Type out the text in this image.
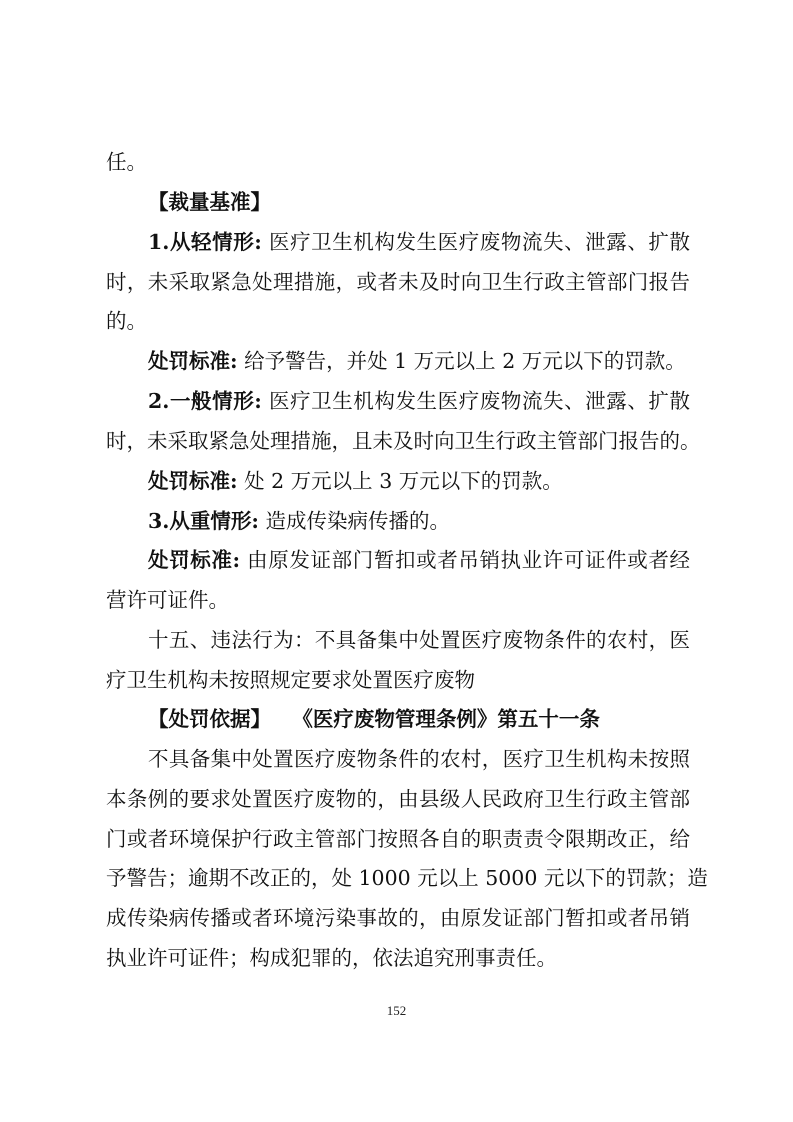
任。
【裁量基准】
1.从轻情形: 医疗卫生机构发生医疗废物流失、泄露、扩散
时，未采取紧急处理措施，或者未及时向卫生行政主管部门报告
的。
处罚标准: 给予警告，并处 1 万元以上 2 万元以下的罚款。
2.一般情形: 医疗卫生机构发生医疗废物流失、泄露、扩散
时，未采取紧急处理措施，且未及时向卫生行政主管部门报告的。
处罚标准: 处 2 万元以上 3 万元以下的罚款。
3.从重情形: 造成传染病传播的。
处罚标准: 由原发证部门暂扣或者吊销执业许可证件或者经
营许可证件。
十五、违法行为：不具备集中处置医疗废物条件的农村，医
疗卫生机构未按照规定要求处置医疗废物
【处罚依据】 《医疗废物管理条例》第五十一条
不具备集中处置医疗废物条件的农村，医疗卫生机构未按照
本条例的要求处置医疗废物的，由县级人民政府卫生行政主管部
门或者环境保护行政主管部门按照各自的职责责令限期改正，给
予警告；逾期不改正的，处 1000 元以上 5000 元以下的罚款；造
成传染病传播或者环境污染事故的，由原发证部门暂扣或者吊销
执业许可证件；构成犯罪的，依法追究刑事责任。
152
